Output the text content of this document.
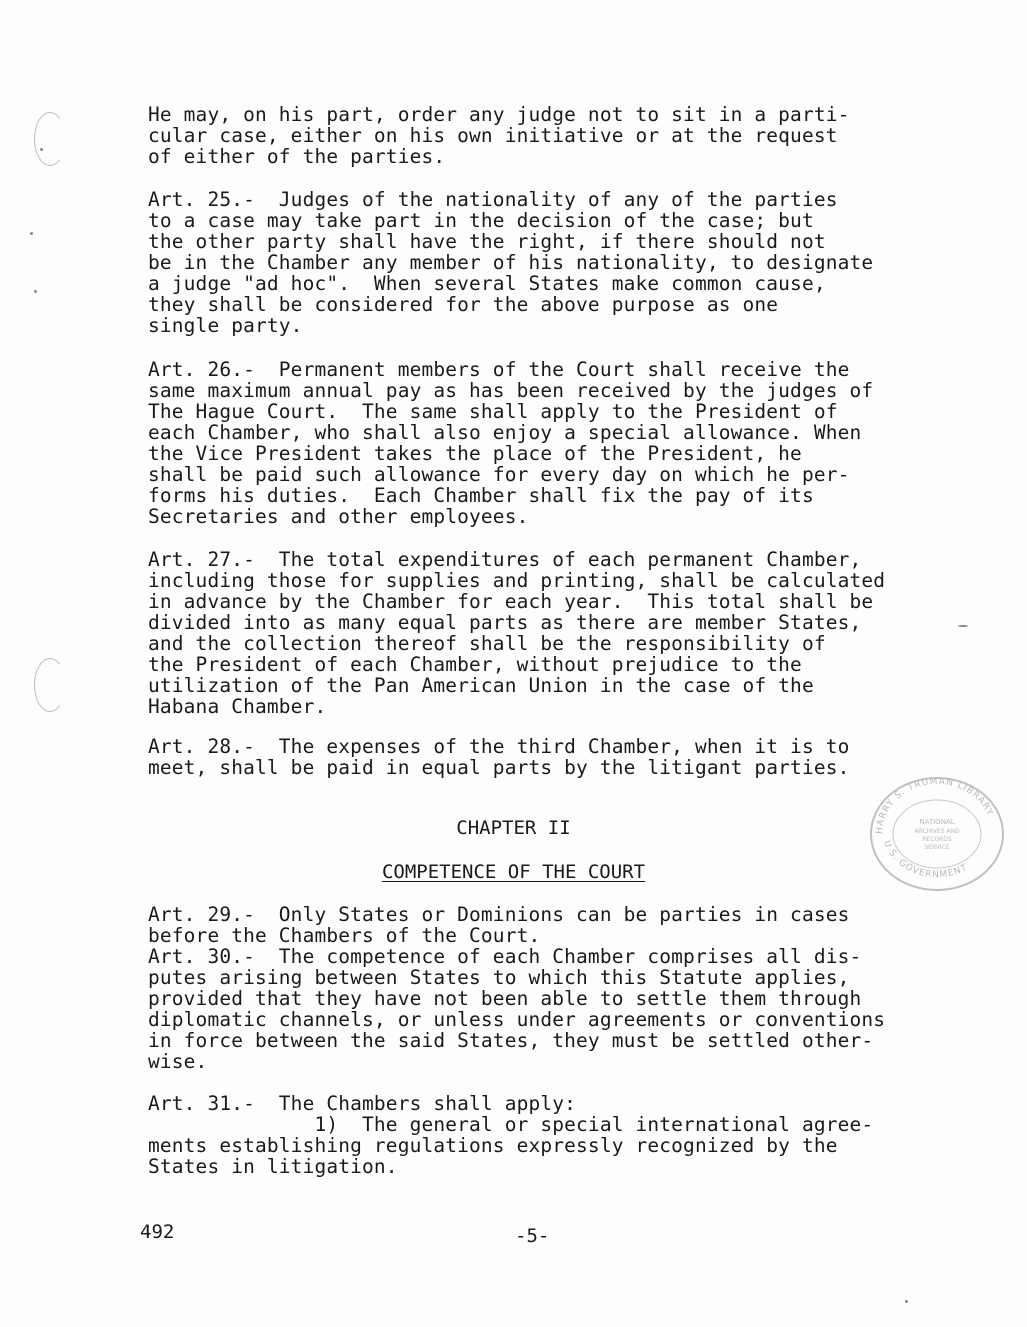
He may, on his part, order any judge not to sit in a parti-
cular case, either on his own initiative or at the request
of either of the parties.
Art. 25.-  Judges of the nationality of any of the parties
to a case may take part in the decision of the case; but
the other party shall have the right, if there should not
be in the Chamber any member of his nationality, to designate
a judge "ad hoc".  When several States make common cause,
they shall be considered for the above purpose as one
single party.
Art. 26.-  Permanent members of the Court shall receive the
same maximum annual pay as has been received by the judges of
The Hague Court.  The same shall apply to the President of
each Chamber, who shall also enjoy a special allowance. When
the Vice President takes the place of the President, he
shall be paid such allowance for every day on which he per-
forms his duties.  Each Chamber shall fix the pay of its
Secretaries and other employees.
Art. 27.-  The total expenditures of each permanent Chamber,
including those for supplies and printing, shall be calculated
in advance by the Chamber for each year.  This total shall be
divided into as many equal parts as there are member States,
and the collection thereof shall be the responsibility of
the President of each Chamber, without prejudice to the
utilization of the Pan American Union in the case of the
Habana Chamber.
Art. 28.-  The expenses of the third Chamber, when it is to
meet, shall be paid in equal parts by the litigant parties.
CHAPTER II
COMPETENCE OF THE COURT
Art. 29.-  Only States or Dominions can be parties in cases
before the Chambers of the Court.
Art. 30.-  The competence of each Chamber comprises all dis-
putes arising between States to which this Statute applies,
provided that they have not been able to settle them through
diplomatic channels, or unless under agreements or conventions
in force between the said States, they must be settled other-
wise.
Art. 31.-  The Chambers shall apply:
1)  The general or special international agree-
ments establishing regulations expressly recognized by the
States in litigation.
HARRY S. TRUMAN LIBRARY
U.S. GOVERNMENT
NATIONAL
ARCHIVES AND
RECORDS
SERVICE
492	-5-
